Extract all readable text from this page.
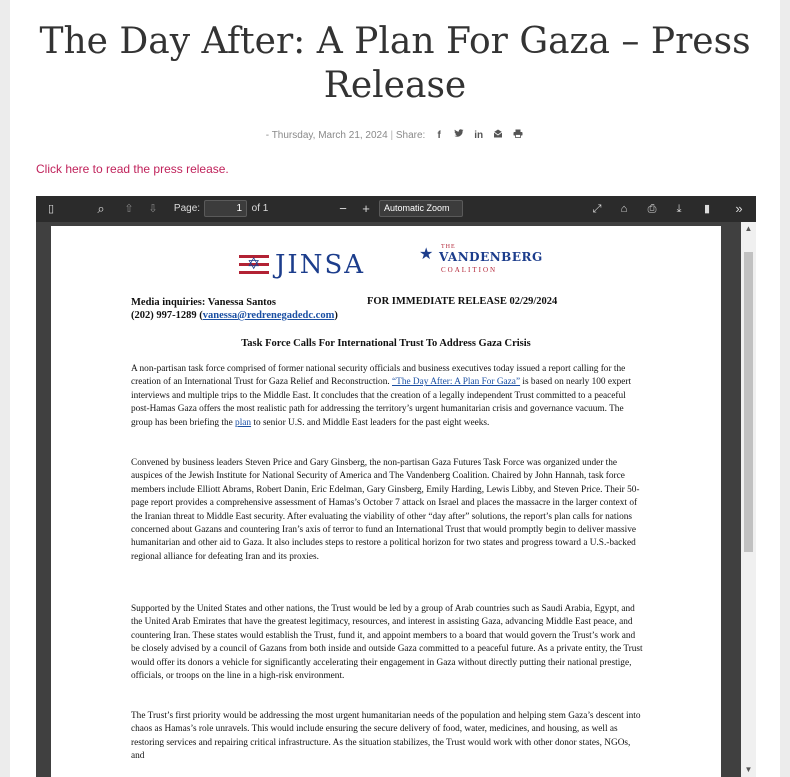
The Day After: A Plan For Gaza – Press Release
- Thursday, March 21, 2024 | Share: f	in
Click here to read the press release.
▯	⌕	⇧ ⇩ Page:	1 of 1	− +	Automatic Zoom	⤢	⌂	⎙	⤓	▮	»
✡ JINSA	★ THE
VANDENBERG
COALITION
Media inquiries: Vanessa Santos
(202) 997-1289 (vanessa@redrenegadedc.com)
FOR IMMEDIATE RELEASE 02/29/2024
Task Force Calls For International Trust To Address Gaza Crisis

A non-partisan task force comprised of former national security officials and business executives today issued a report calling for the creation of an International Trust for Gaza Relief and Reconstruction. “The Day After: A Plan For Gaza” is based on nearly 100 expert interviews and multiple trips to the Middle East. It concludes that the creation of a legally independent Trust committed to a peaceful post-Hamas Gaza offers the most realistic path for addressing the territory’s urgent humanitarian crisis and governance vacuum. The group has been briefing the plan to senior U.S. and Middle East leaders for the past eight weeks.

Convened by business leaders Steven Price and Gary Ginsberg, the non-partisan Gaza Futures Task Force was organized under the auspices of the Jewish Institute for National Security of America and The Vandenberg Coalition. Chaired by John Hannah, task force members include Elliott Abrams, Robert Danin, Eric Edelman, Gary Ginsberg, Emily Harding, Lewis Libby, and Steven Price. Their 50-page report provides a comprehensive assessment of Hamas’s October 7 attack on Israel and places the massacre in the larger context of the Iranian threat to Middle East security. After evaluating the viability of other “day after” solutions, the report’s plan calls for nations concerned about Gazans and countering Iran’s axis of terror to fund an International Trust that would promptly begin to deliver massive humanitarian and other aid to Gaza. It also includes steps to restore a political horizon for two states and progress toward a U.S.-backed regional alliance for defeating Iran and its proxies.

Supported by the United States and other nations, the Trust would be led by a group of Arab countries such as Saudi Arabia, Egypt, and the United Arab Emirates that have the greatest legitimacy, resources, and interest in assisting Gaza, advancing Middle East peace, and countering Iran. These states would establish the Trust, fund it, and appoint members to a board that would govern the Trust’s work and be closely advised by a council of Gazans from both inside and outside Gaza committed to a peaceful future. As a private entity, the Trust would offer its donors a vehicle for significantly accelerating their engagement in Gaza without directly putting their national prestige, officials, or troops on the line in a high-risk environment.

The Trust’s first priority would be addressing the most urgent humanitarian needs of the population and helping stem Gaza’s descent into chaos as Hamas’s role unravels. This would include ensuring the secure delivery of food, water, medicines, and housing, as well as restoring services and repairing critical infrastructure. As the situation stabilizes, the Trust would work with other donor states, NGOs, and

▲
▼
